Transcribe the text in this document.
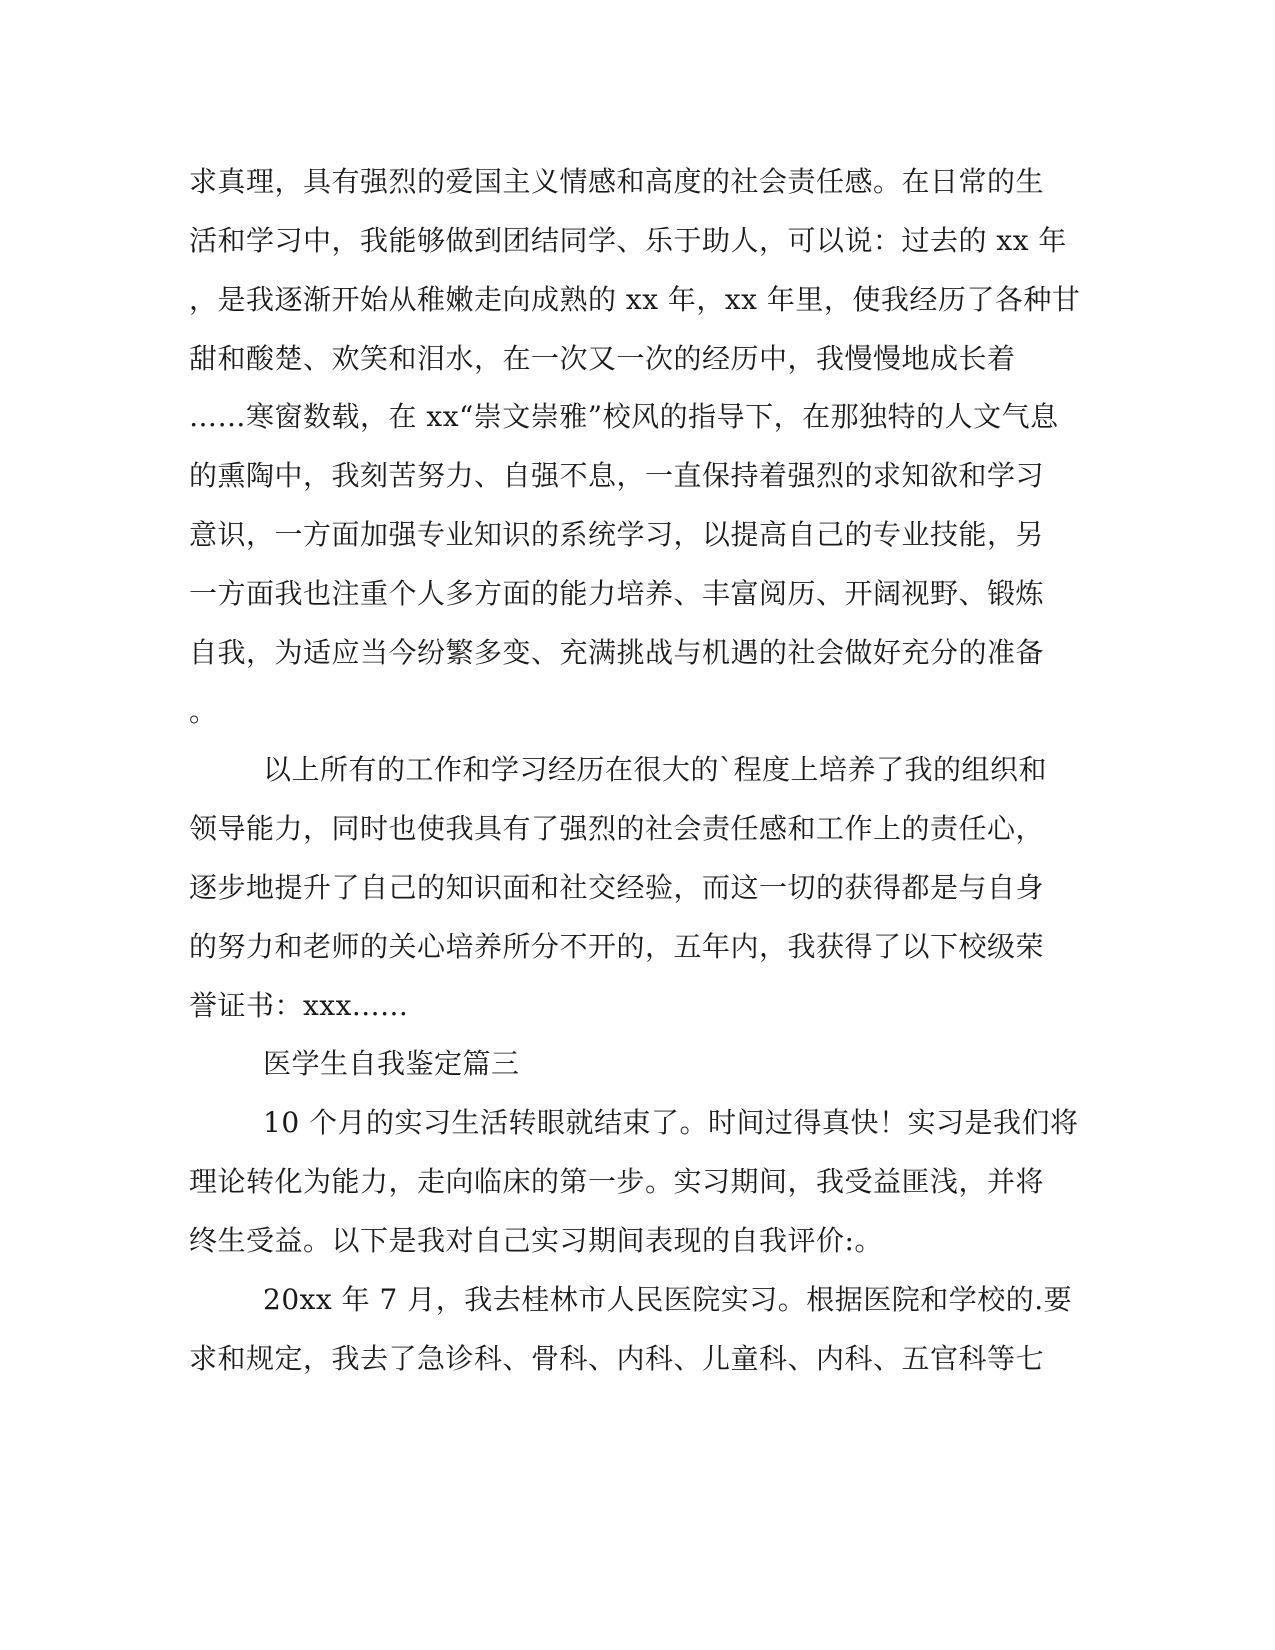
求真理，具有强烈的爱国主义情感和高度的社会责任感。在日常的生
活和学习中，我能够做到团结同学、乐于助人，可以说：过去的 xx 年
，是我逐渐开始从稚嫩走向成熟的 xx 年，xx 年里，使我经历了各种甘
甜和酸楚、欢笑和泪水，在一次又一次的经历中，我慢慢地成长着
……寒窗数载，在 xx“崇文崇雅”校风的指导下，在那独特的人文气息
的熏陶中，我刻苦努力、自强不息，一直保持着强烈的求知欲和学习
意识，一方面加强专业知识的系统学习，以提高自己的专业技能，另
一方面我也注重个人多方面的能力培养、丰富阅历、开阔视野、锻炼
自我，为适应当今纷繁多变、充满挑战与机遇的社会做好充分的准备
。
以上所有的工作和学习经历在很大的`程度上培养了我的组织和
领导能力，同时也使我具有了强烈的社会责任感和工作上的责任心，
逐步地提升了自己的知识面和社交经验，而这一切的获得都是与自身
的努力和老师的关心培养所分不开的，五年内，我获得了以下校级荣
誉证书：xxx......
医学生自我鉴定篇三
10 个月的实习生活转眼就结束了。时间过得真快！实习是我们将
理论转化为能力，走向临床的第一步。实习期间，我受益匪浅，并将
终生受益。以下是我对自己实习期间表现的自我评价:。
20xx 年 7 月，我去桂林市人民医院实习。根据医院和学校的.要
求和规定，我去了急诊科、骨科、内科、儿童科、内科、五官科等七
